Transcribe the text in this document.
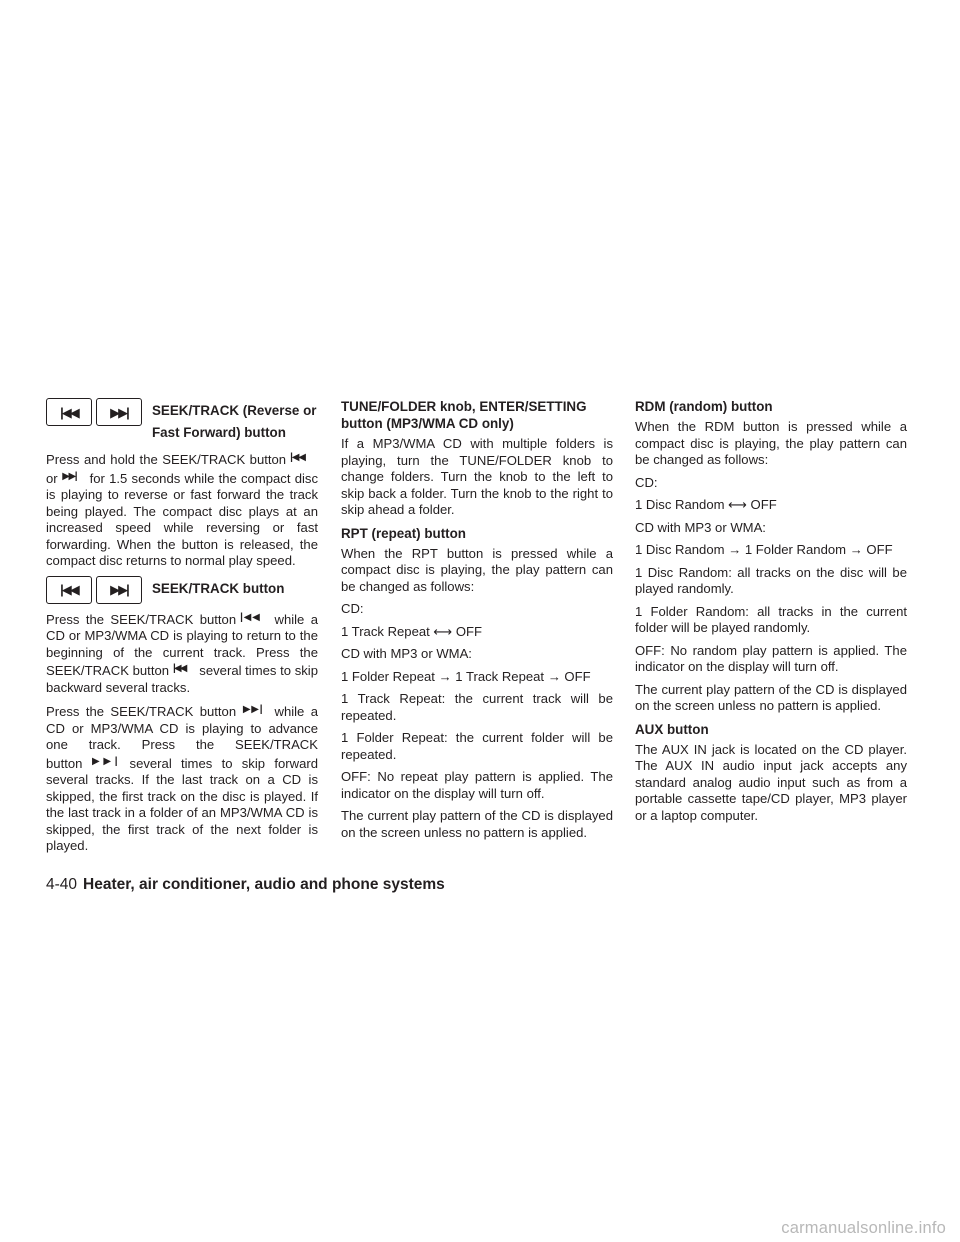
|◀◀	▶▶|	SEEK/TRACK (Reverse or
Fast Forward) button

Press and hold the SEEK/TRACK button |◀◀ or ▶▶| for 1.5 seconds while the compact disc is playing to reverse or fast forward the track being played. The compact disc plays at an increased speed while reversing or fast forwarding. When the button is released, the compact disc returns to normal play speed.

|◀◀	▶▶|	SEEK/TRACK button

Press the SEEK/TRACK button |◀◀ while a CD or MP3/WMA CD is playing to return to the beginning of the current track. Press the SEEK/TRACK button |◀◀ several times to skip backward several tracks.

Press the SEEK/TRACK button ▶▶| while a CD or MP3/WMA CD is playing to advance one track. Press the SEEK/TRACK button ▶▶| several times to skip forward several tracks. If the last track on a CD is skipped, the first track on the disc is played. If the last track in a folder of an MP3/WMA CD is skipped, the first track of the next folder is played.

TUNE/FOLDER knob, ENTER/SETTING button (MP3/WMA CD only)

If a MP3/WMA CD with multiple folders is playing, turn the TUNE/FOLDER knob to change folders. Turn the knob to the left to skip back a folder. Turn the knob to the right to skip ahead a folder.

RPT (repeat) button

When the RPT button is pressed while a compact disc is playing, the play pattern can be changed as follows:

CD:

1 Track Repeat ⟷ OFF

CD with MP3 or WMA:

1 Folder Repeat → 1 Track Repeat → OFF

1 Track Repeat: the current track will be repeated.

1 Folder Repeat: the current folder will be repeated.

OFF: No repeat play pattern is applied. The indicator on the display will turn off.

The current play pattern of the CD is displayed on the screen unless no pattern is applied.

RDM (random) button

When the RDM button is pressed while a compact disc is playing, the play pattern can be changed as follows:

CD:

1 Disc Random ⟷ OFF

CD with MP3 or WMA:

1 Disc Random → 1 Folder Random → OFF

1 Disc Random: all tracks on the disc will be played randomly.

1 Folder Random: all tracks in the current folder will be played randomly.

OFF: No random play pattern is applied. The indicator on the display will turn off.

The current play pattern of the CD is displayed on the screen unless no pattern is applied.

AUX button

The AUX IN jack is located on the CD player. The AUX IN audio input jack accepts any standard analog audio input such as from a portable cassette tape/CD player, MP3 player or a laptop computer.

4-40 Heater, air conditioner, audio and phone systems
carmanualsonline.info
